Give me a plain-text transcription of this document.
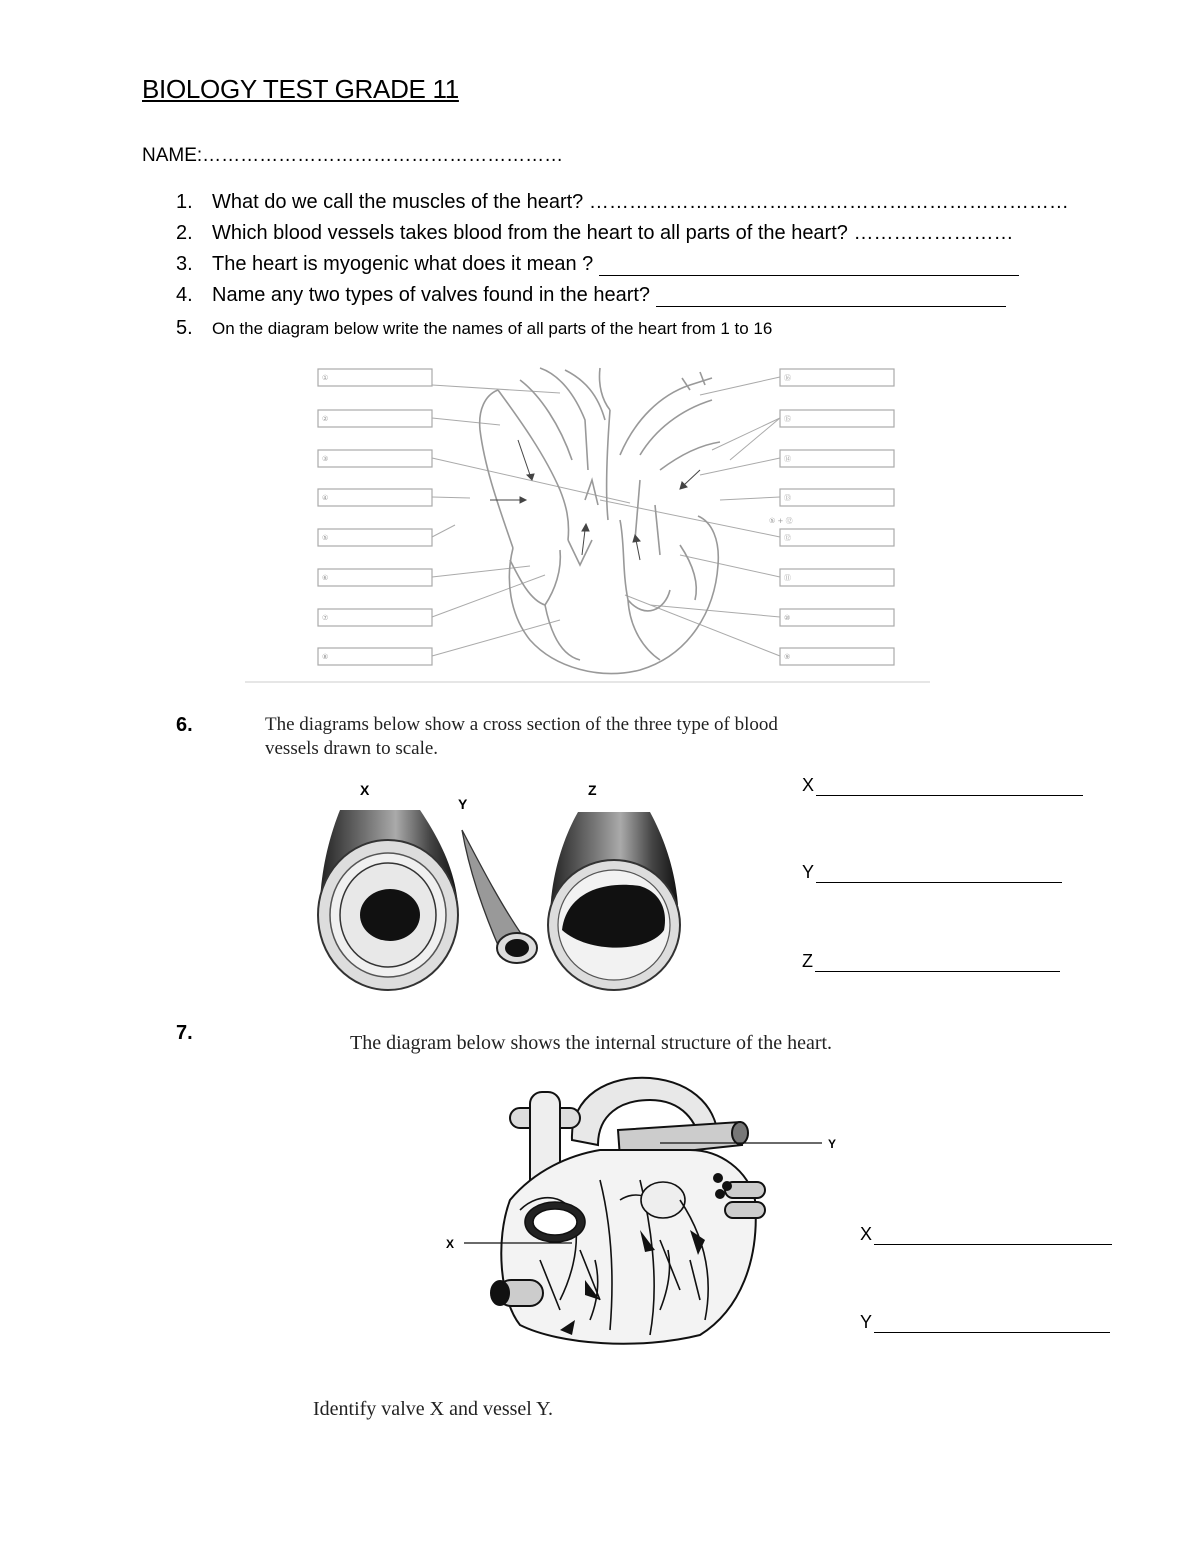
BIOLOGY TEST GRADE 11
NAME:…………………………………………………
1. What do we call the muscles of the heart? ………………………………………………………………
2. Which blood vessels takes blood from the heart to all parts of the heart? ……………………
3. The heart is myogenic what does it mean ?
4. Name any two types of valves found in the heart?
5. On the diagram below write the names of all parts of the heart from 1 to 16
①
②
③
④
⑤
⑥
⑦
⑧
⑯
⑮
⑭
⑬
⑫
⑪
⑩
⑨
⑤ + ⑫
6.	The diagrams below show a cross section of the three type of blood
vessels drawn to scale.
X
Y
Z	X
Y
Z
7.	The diagram below shows the internal structure of the heart.
Y
X	X
Y
Identify valve X and vessel Y.
